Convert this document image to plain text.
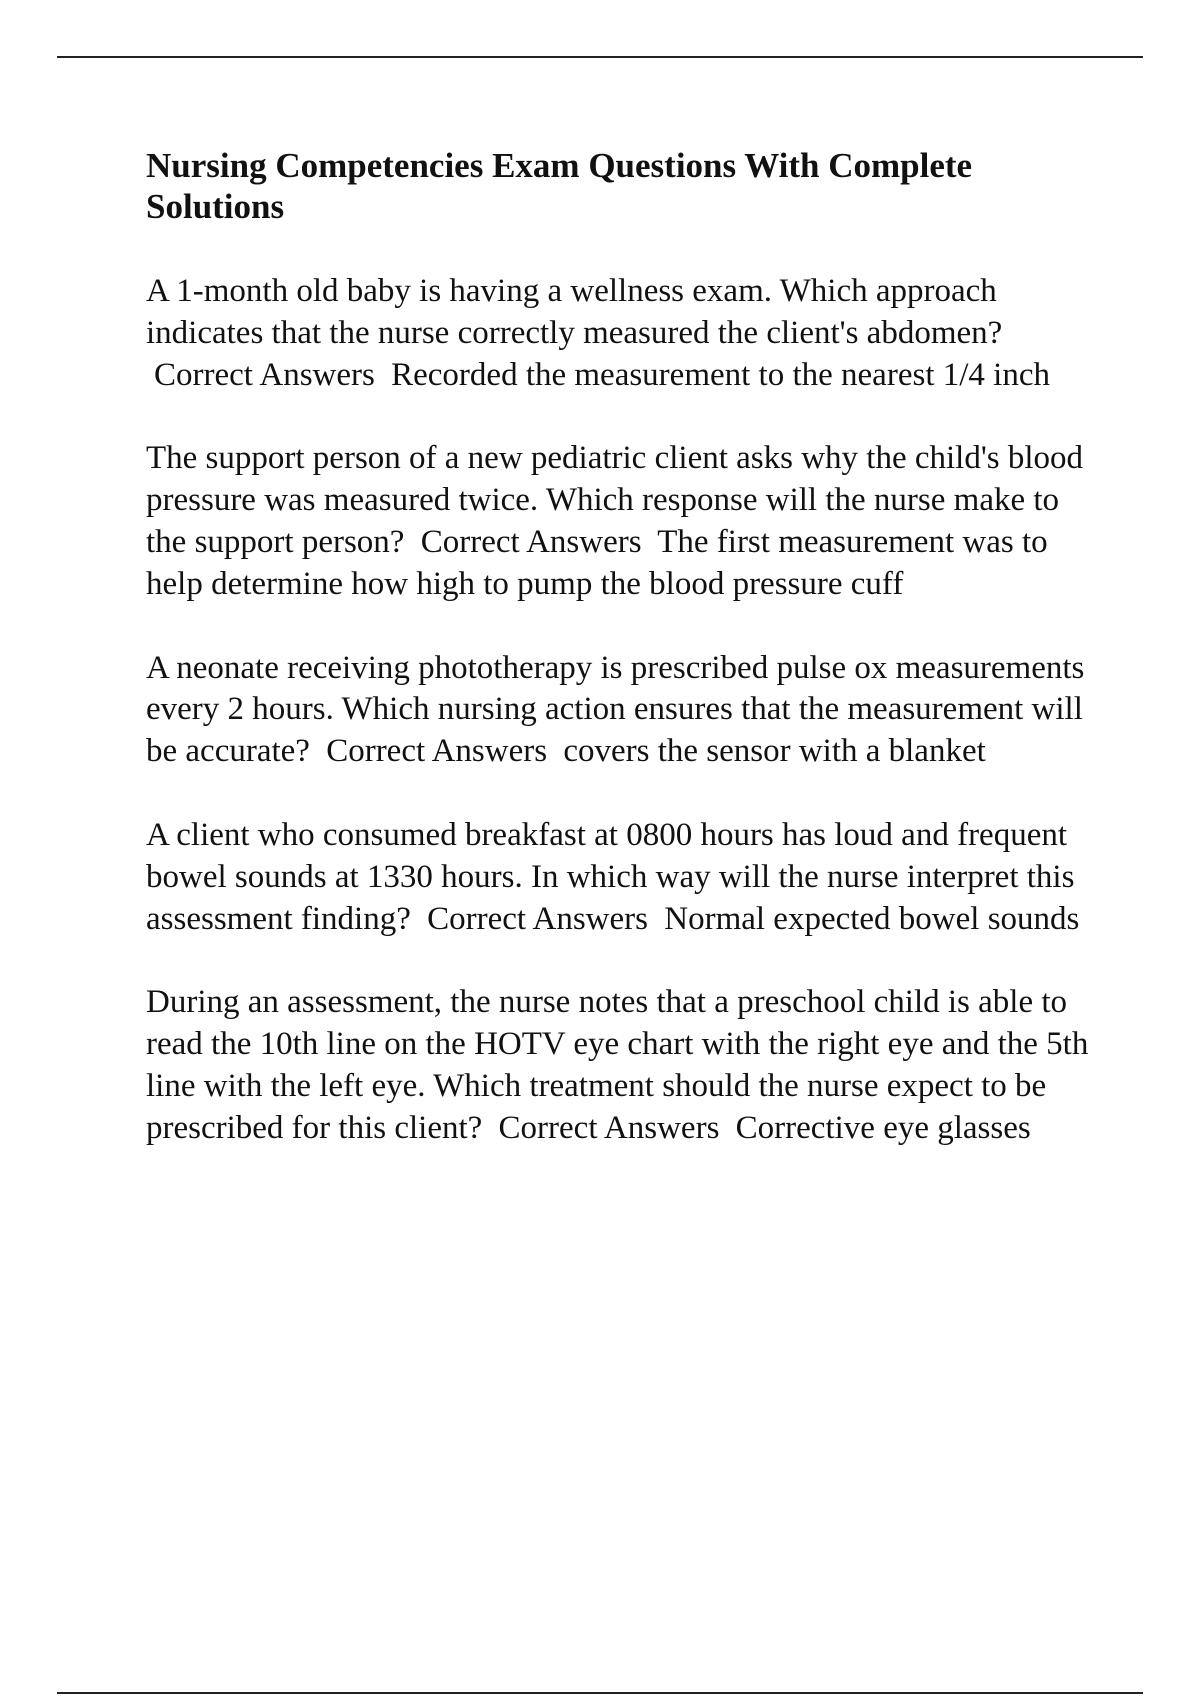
Nursing Competencies Exam Questions With Complete Solutions

A 1-month old baby is having a wellness exam. Which approach indicates that the nurse correctly measured the client's abdomen? Correct Answers Recorded the measurement to the nearest 1/4 inch

The support person of a new pediatric client asks why the child's blood pressure was measured twice. Which response will the nurse make to the support person? Correct Answers The first measurement was to help determine how high to pump the blood pressure cuff

A neonate receiving phototherapy is prescribed pulse ox measurements every 2 hours. Which nursing action ensures that the measurement will be accurate? Correct Answers covers the sensor with a blanket

A client who consumed breakfast at 0800 hours has loud and frequent bowel sounds at 1330 hours. In which way will the nurse interpret this assessment finding? Correct Answers Normal expected bowel sounds

During an assessment, the nurse notes that a preschool child is able to read the 10th line on the HOTV eye chart with the right eye and the 5th line with the left eye. Which treatment should the nurse expect to be prescribed for this client? Correct Answers Corrective eye glasses
